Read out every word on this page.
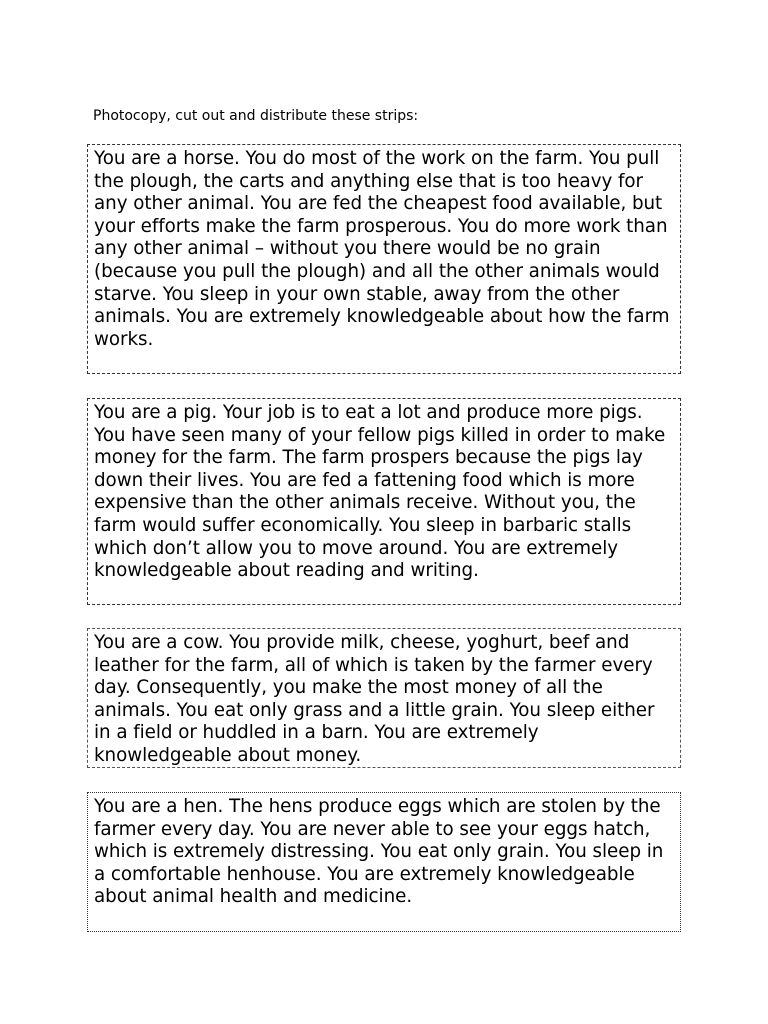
Photocopy, cut out and distribute these strips:
You are a horse. You do most of the work on the farm. You pull the plough, the carts and anything else that is too heavy for any other animal. You are fed the cheapest food available, but your efforts make the farm prosperous. You do more work than any other animal – without you there would be no grain (because you pull the plough) and all the other animals would starve. You sleep in your own stable, away from the other animals. You are extremely knowledgeable about how the farm works.
You are a pig. Your job is to eat a lot and produce more pigs. You have seen many of your fellow pigs killed in order to make money for the farm. The farm prospers because the pigs lay down their lives. You are fed a fattening food which is more expensive than the other animals receive. Without you, the farm would suffer economically. You sleep in barbaric stalls which don’t allow you to move around. You are extremely knowledgeable about reading and writing.
You are a cow. You provide milk, cheese, yoghurt, beef and leather for the farm, all of which is taken by the farmer every day. Consequently, you make the most money of all the animals. You eat only grass and a little grain. You sleep either in a field or huddled in a barn. You are extremely knowledgeable about money.
You are a hen. The hens produce eggs which are stolen by the farmer every day. You are never able to see your eggs hatch, which is extremely distressing. You eat only grain. You sleep in a comfortable henhouse. You are extremely knowledgeable about animal health and medicine.
